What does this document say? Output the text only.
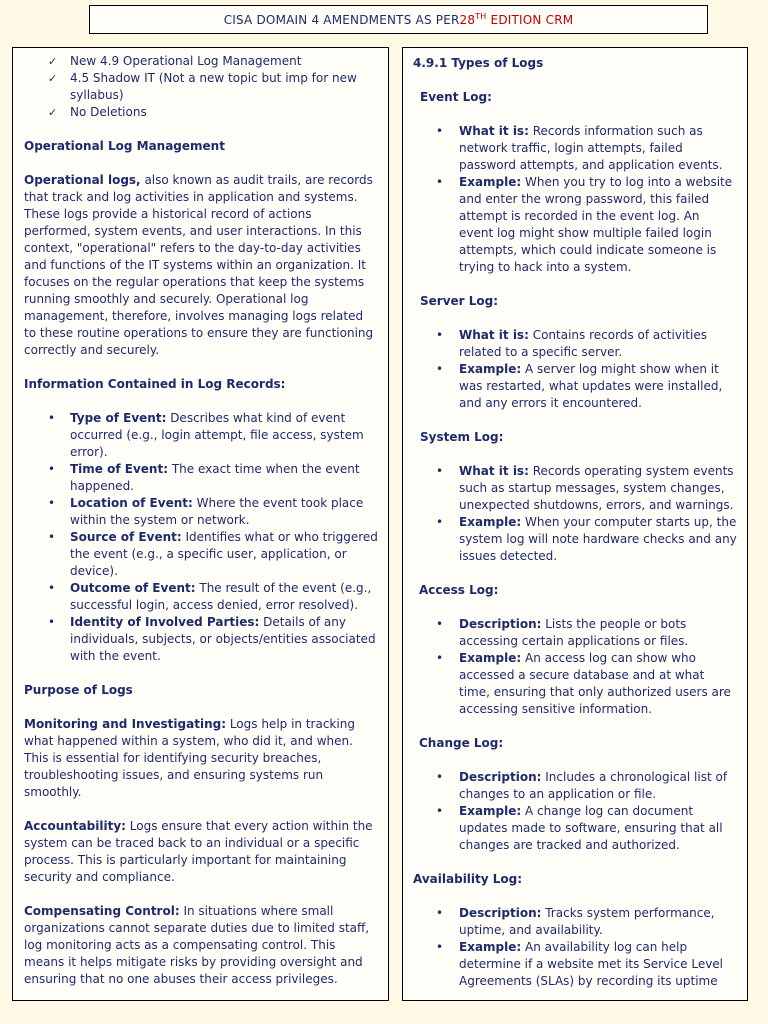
CISA DOMAIN 4 AMENDMENTS AS PER 28TH EDITION CRM
✓ New 4.9 Operational Log Management
✓ 4.5 Shadow IT (Not a new topic but imp for new syllabus)
✓ No Deletions

Operational Log Management

Operational logs, also known as audit trails, are records that track and log activities in application and systems. These logs provide a historical record of actions performed, system events, and user interactions. In this context, "operational" refers to the day-to-day activities and functions of the IT systems within an organization. It focuses on the regular operations that keep the systems running smoothly and securely. Operational log management, therefore, involves managing logs related to these routine operations to ensure they are functioning correctly and securely.

Information Contained in Log Records:

• Type of Event: Describes what kind of event occurred (e.g., login attempt, file access, system error).
• Time of Event: The exact time when the event happened.
• Location of Event: Where the event took place within the system or network.
• Source of Event: Identifies what or who triggered the event (e.g., a specific user, application, or device).
• Outcome of Event: The result of the event (e.g., successful login, access denied, error resolved).
• Identity of Involved Parties: Details of any individuals, subjects, or objects/entities associated with the event.

Purpose of Logs

Monitoring and Investigating: Logs help in tracking what happened within a system, who did it, and when. This is essential for identifying security breaches, troubleshooting issues, and ensuring systems run smoothly.

Accountability: Logs ensure that every action within the system can be traced back to an individual or a specific process. This is particularly important for maintaining security and compliance.

Compensating Control: In situations where small organizations cannot separate duties due to limited staff, log monitoring acts as a compensating control. This means it helps mitigate risks by providing oversight and ensuring that no one abuses their access privileges.

4.9.1 Types of Logs

Event Log:

• What it is: Records information such as network traffic, login attempts, failed password attempts, and application events.
• Example: When you try to log into a website and enter the wrong password, this failed attempt is recorded in the event log. An event log might show multiple failed login attempts, which could indicate someone is trying to hack into a system.

Server Log:

• What it is: Contains records of activities related to a specific server.
• Example: A server log might show when it was restarted, what updates were installed, and any errors it encountered.

System Log:

• What it is: Records operating system events such as startup messages, system changes, unexpected shutdowns, errors, and warnings.
• Example: When your computer starts up, the system log will note hardware checks and any issues detected.

Access Log:

• Description: Lists the people or bots accessing certain applications or files.
• Example: An access log can show who accessed a secure database and at what time, ensuring that only authorized users are accessing sensitive information.

Change Log:

• Description: Includes a chronological list of changes to an application or file.
• Example: A change log can document updates made to software, ensuring that all changes are tracked and authorized.

Availability Log:

• Description: Tracks system performance, uptime, and availability.
• Example: An availability log can help determine if a website met its Service Level Agreements (SLAs) by recording its uptime
